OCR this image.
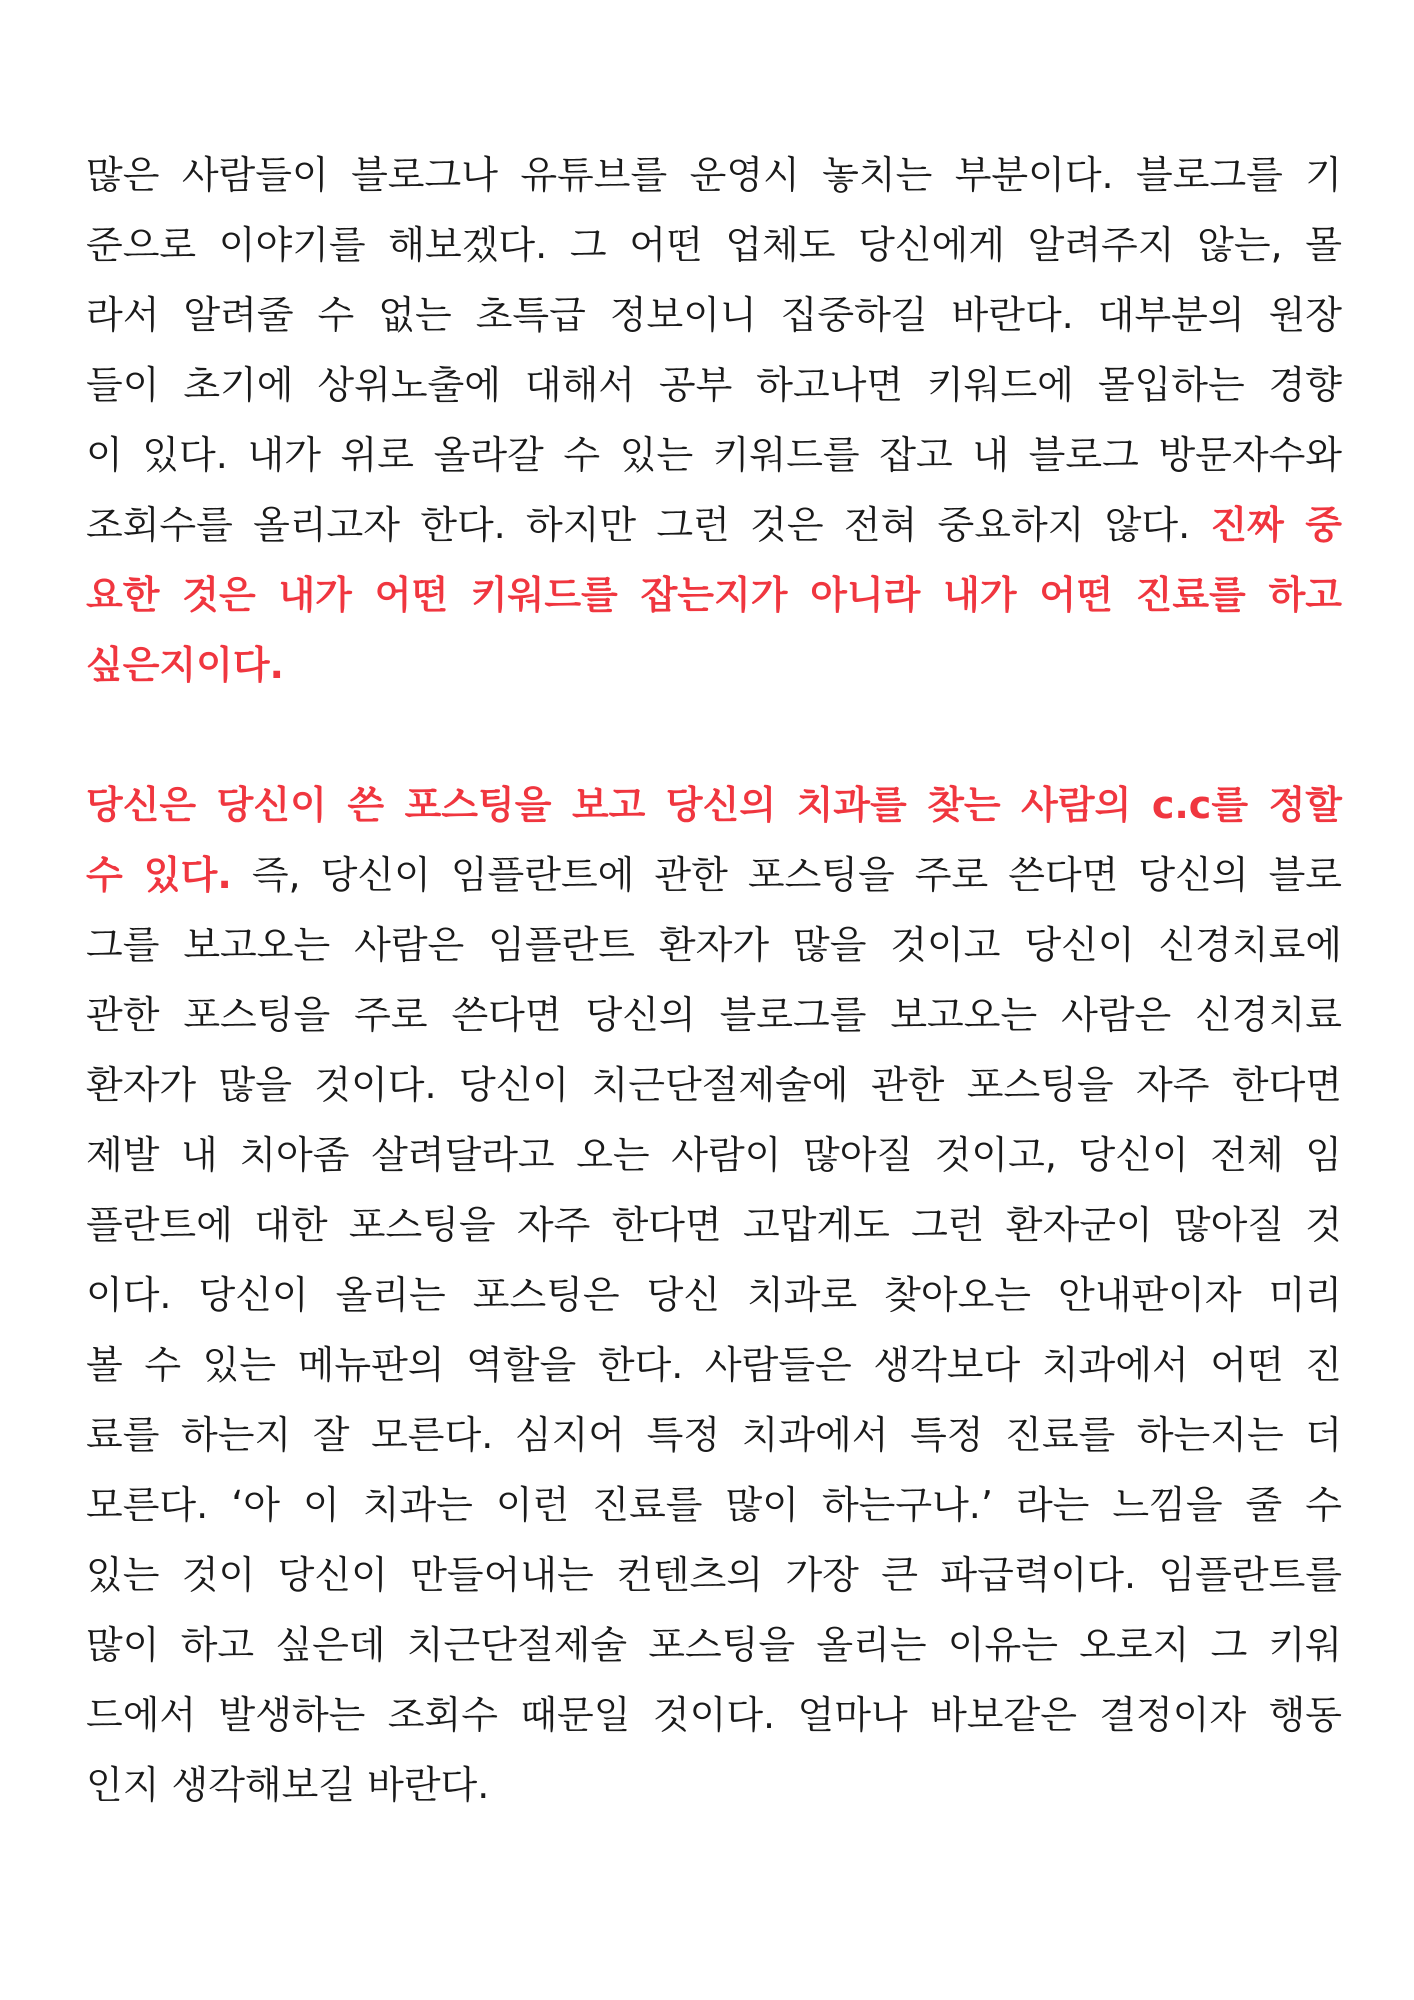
많은 사람들이 블로그나 유튜브를 운영시 놓치는 부분이다. 블로그를 기

준으로 이야기를 해보겠다. 그 어떤 업체도 당신에게 알려주지 않는, 몰

라서 알려줄 수 없는 초특급 정보이니 집중하길 바란다. 대부분의 원장

들이 초기에 상위노출에 대해서 공부 하고나면 키워드에 몰입하는 경향

이 있다. 내가 위로 올라갈 수 있는 키워드를 잡고 내 블로그 방문자수와

조회수를 올리고자 한다. 하지만 그런 것은 전혀 중요하지 않다. 진짜 중

요한 것은 내가 어떤 키워드를 잡는지가 아니라 내가 어떤 진료를 하고

싶은지이다.

당신은 당신이 쓴 포스팅을 보고 당신의 치과를 찾는 사람의 c.c를 정할

수 있다. 즉, 당신이 임플란트에 관한 포스팅을 주로 쓴다면 당신의 블로

그를 보고오는 사람은 임플란트 환자가 많을 것이고 당신이 신경치료에

관한 포스팅을 주로 쓴다면 당신의 블로그를 보고오는 사람은 신경치료

환자가 많을 것이다. 당신이 치근단절제술에 관한 포스팅을 자주 한다면

제발 내 치아좀 살려달라고 오는 사람이 많아질 것이고, 당신이 전체 임

플란트에 대한 포스팅을 자주 한다면 고맙게도 그런 환자군이 많아질 것

이다. 당신이 올리는 포스팅은 당신 치과로 찾아오는 안내판이자 미리

볼 수 있는 메뉴판의 역할을 한다. 사람들은 생각보다 치과에서 어떤 진

료를 하는지 잘 모른다. 심지어 특정 치과에서 특정 진료를 하는지는 더

모른다. ‘아 이 치과는 이런 진료를 많이 하는구나.’ 라는 느낌을 줄 수

있는 것이 당신이 만들어내는 컨텐츠의 가장 큰 파급력이다. 임플란트를

많이 하고 싶은데 치근단절제술 포스팅을 올리는 이유는 오로지 그 키워

드에서 발생하는 조회수 때문일 것이다. 얼마나 바보같은 결정이자 행동

인지 생각해보길 바란다.
